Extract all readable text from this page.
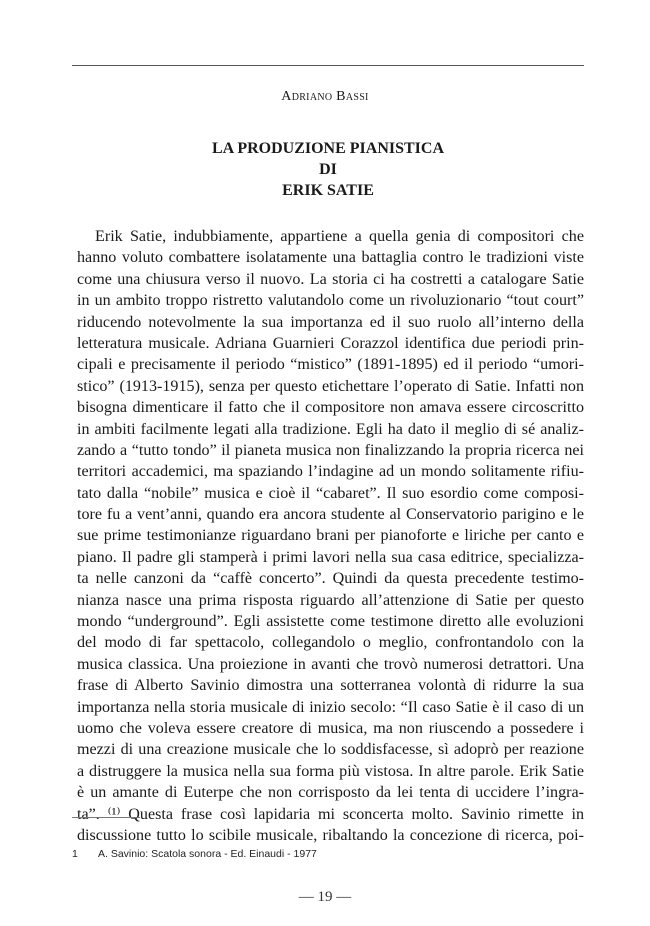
Adriano Bassi
LA PRODUZIONE PIANISTICA
DI
ERIK SATIE
Erik Satie, indubbiamente, appartiene a quella genia di compositori che
hanno voluto combattere isolatamente una battaglia contro le tradizioni viste
come una chiusura verso il nuovo. La storia ci ha costretti a catalogare Satie
in un ambito troppo ristretto valutandolo come un rivoluzionario “tout court”
riducendo notevolmente la sua importanza ed il suo ruolo all’interno della
letteratura musicale. Adriana Guarnieri Corazzol identifica due periodi prin-
cipali e precisamente il periodo “mistico” (1891-1895) ed il periodo “umori-
stico” (1913-1915), senza per questo etichettare l’operato di Satie. Infatti non
bisogna dimenticare il fatto che il compositore non amava essere circoscritto
in ambiti facilmente legati alla tradizione. Egli ha dato il meglio di sé analiz-
zando a “tutto tondo” il pianeta musica non finalizzando la propria ricerca nei
territori accademici, ma spaziando l’indagine ad un mondo solitamente rifiu-
tato dalla “nobile” musica e cioè il “cabaret”. Il suo esordio come composi-
tore fu a vent’anni, quando era ancora studente al Conservatorio parigino e le
sue prime testimonianze riguardano brani per pianoforte e liriche per canto e
piano. Il padre gli stamperà i primi lavori nella sua casa editrice, specializza-
ta nelle canzoni da “caffè concerto”. Quindi da questa precedente testimo-
nianza nasce una prima risposta riguardo all’attenzione di Satie per questo
mondo “underground”. Egli assistette come testimone diretto alle evoluzioni
del modo di far spettacolo, collegandolo o meglio, confrontandolo con la
musica classica. Una proiezione in avanti che trovò numerosi detrattori. Una
frase di Alberto Savinio dimostra una sotterranea volontà di ridurre la sua
importanza nella storia musicale di inizio secolo: “Il caso Satie è il caso di un
uomo che voleva essere creatore di musica, ma non riuscendo a possedere i
mezzi di una creazione musicale che lo soddisfacesse, sì adoprò per reazione
a distruggere la musica nella sua forma più vistosa. In altre parole. Erik Satie
è un amante di Euterpe che non corrisposto da lei tenta di uccidere l’ingra-
ta”. ⁽¹⁾ Questa frase così lapidaria mi sconcerta molto. Savinio rimette in
discussione tutto lo scibile musicale, ribaltando la concezione di ricerca, poi-
1 A. Savinio: Scatola sonora - Ed. Einaudi - 1977
— 19 —
